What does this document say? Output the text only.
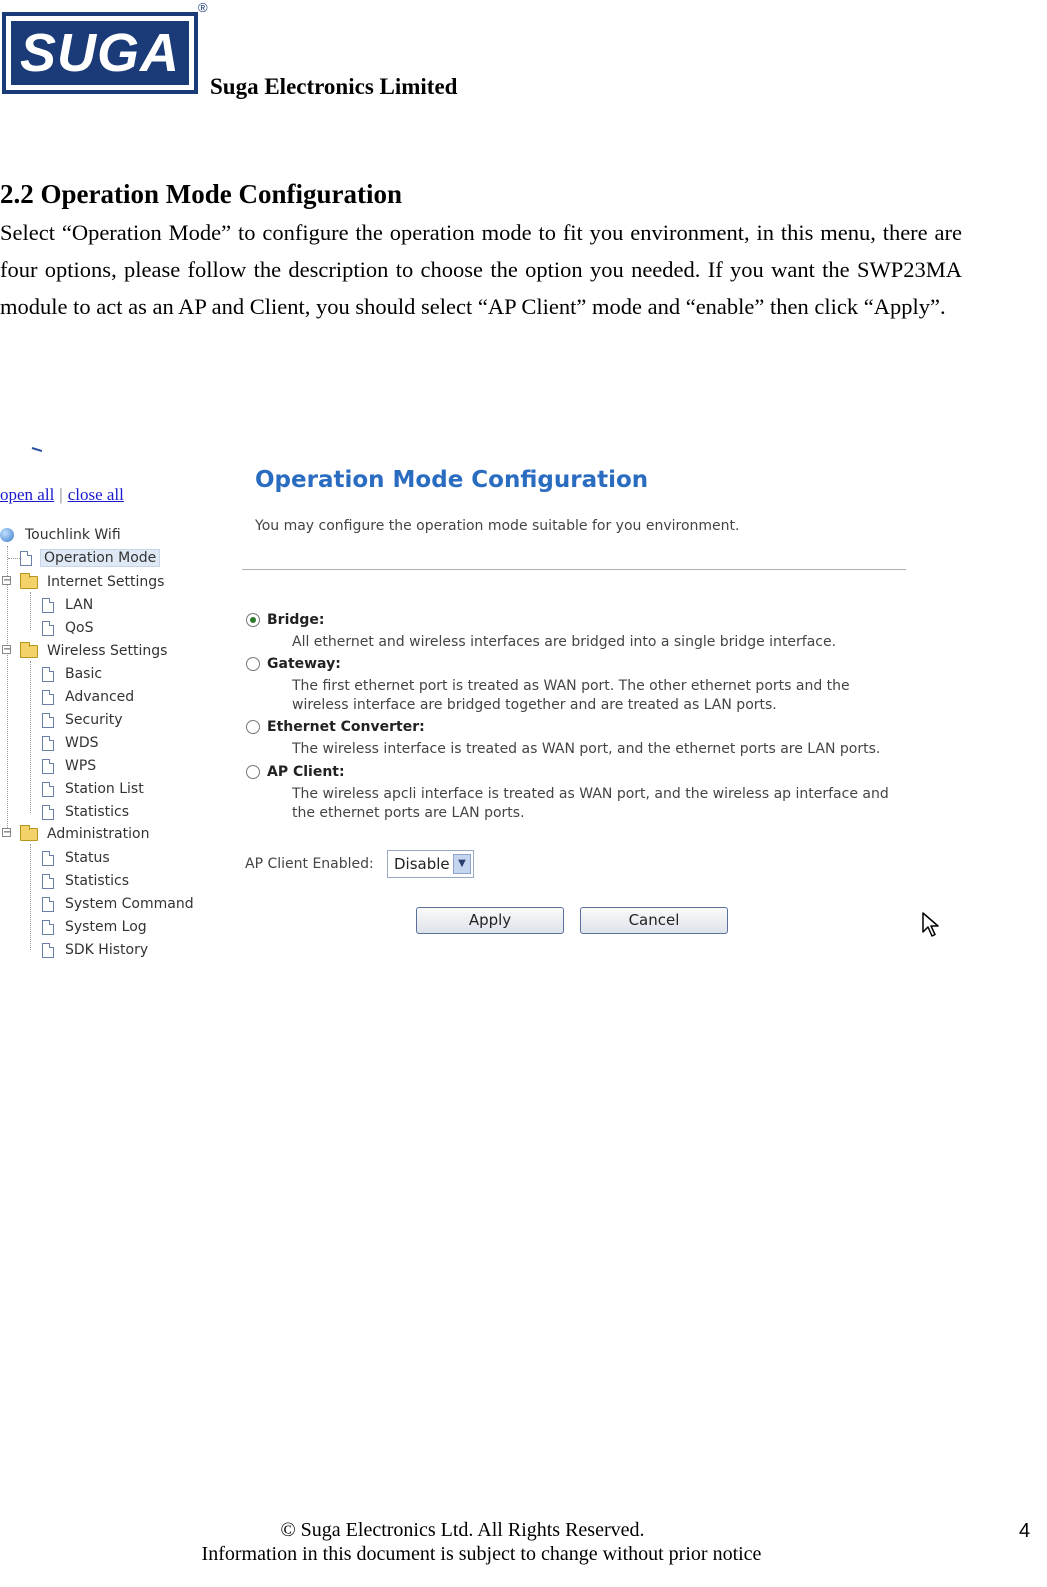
SUGA
®
Suga Electronics Limited
2.2 Operation Mode Configuration
Select “Operation Mode” to configure the operation mode to fit you environment, in this menu, there are four options, please follow the description to choose the option you needed. If you want the SWP23MA module to act as an AP and Client, you should select “AP Client” mode and “enable” then click “Apply”.
open all | close all
Touchlink Wifi
Operation Mode
−	Internet Settings
LAN
QoS
−	Wireless Settings
Basic
Advanced
Security
WDS
WPS
Station List
Statistics
−	Administration
Status
Statistics
System Command
System Log
SDK History
Operation Mode Configuration
You may configure the operation mode suitable for you environment.
Bridge:
All ethernet and wireless interfaces are bridged into a single bridge interface.
Gateway:
The first ethernet port is treated as WAN port. The other ethernet ports and the wireless interface are bridged together and are treated as LAN ports.
Ethernet Converter:
The wireless interface is treated as WAN port, and the ethernet ports are LAN ports.
AP Client:
The wireless apcli interface is treated as WAN port, and the wireless ap interface and the ethernet ports are LAN ports.
AP Client Enabled: Disable ▼
Apply	Cancel
© Suga Electronics Ltd. All Rights Reserved.
Information in this document is subject to change without prior notice
4
